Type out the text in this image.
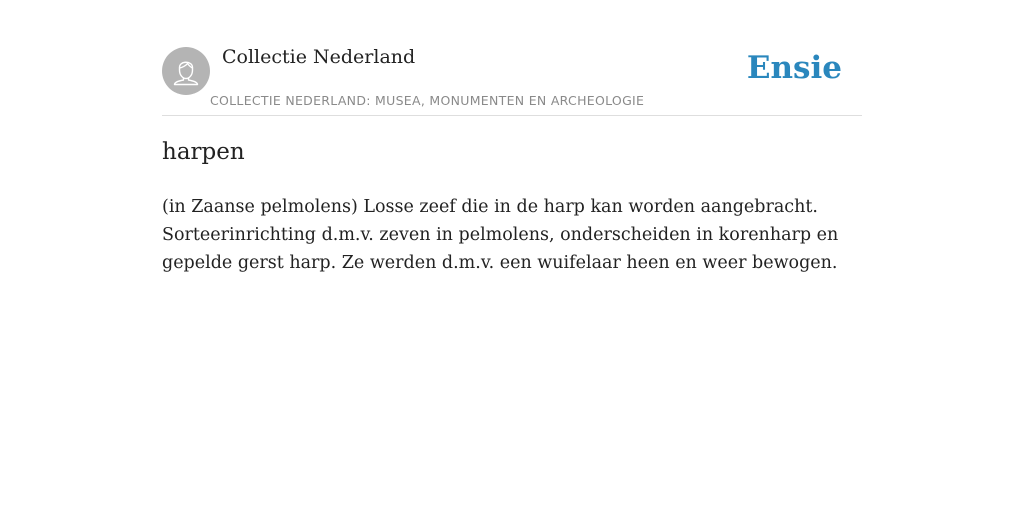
Collectie Nederland
COLLECTIE NEDERLAND: MUSEA, MONUMENTEN EN ARCHEOLOGIE
Ensie
harpen

(in Zaanse pelmolens) Losse zeef die in de harp kan worden aangebracht. Sorteerinrichting d.m.v. zeven in pelmolens, onderscheiden in korenharp en gepelde gerst harp. Ze werden d.m.v. een wuifelaar heen en weer bewogen.
